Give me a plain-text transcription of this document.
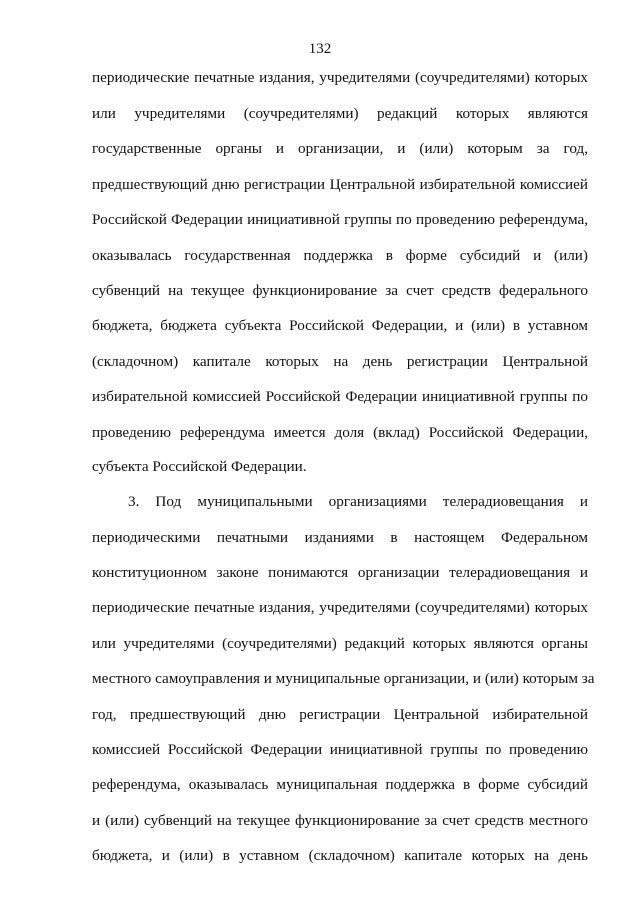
132
периодические печатные издания, учредителями (соучредителями) которых
или учредителями (соучредителями) редакций которых являются
государственные органы и организации, и (или) которым за год,
предшествующий дню регистрации Центральной избирательной комиссией
Российской Федерации инициативной группы по проведению референдума,
оказывалась государственная поддержка в форме субсидий и (или)
субвенций на текущее функционирование за счет средств федерального
бюджета, бюджета субъекта Российской Федерации, и (или) в уставном
(складочном) капитале которых на день регистрации Центральной
избирательной комиссией Российской Федерации инициативной группы по
проведению референдума имеется доля (вклад) Российской Федерации,
субъекта Российской Федерации.
3. Под муниципальными организациями телерадиовещания и
периодическими печатными изданиями в настоящем Федеральном
конституционном законе понимаются организации телерадиовещания и
периодические печатные издания, учредителями (соучредителями) которых
или учредителями (соучредителями) редакций которых являются органы
местного самоуправления и муниципальные организации, и (или) которым за
год, предшествующий дню регистрации Центральной избирательной
комиссией Российской Федерации инициативной группы по проведению
референдума, оказывалась муниципальная поддержка в форме субсидий
и (или) субвенций на текущее функционирование за счет средств местного
бюджета, и (или) в уставном (складочном) капитале которых на день
